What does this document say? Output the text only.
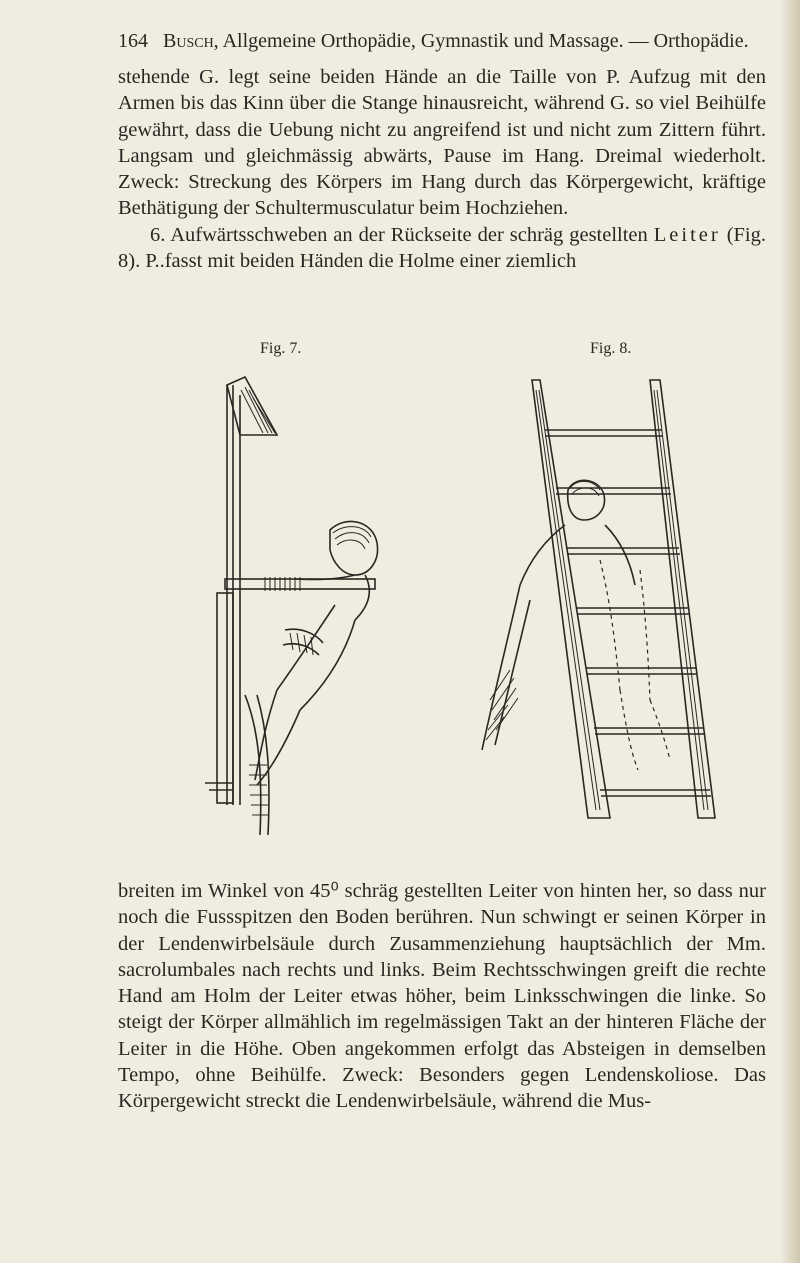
164 Busch, Allgemeine Orthopädie, Gymnastik und Massage. — Orthopädie.

stehende G. legt seine beiden Hände an die Taille von P. Aufzug mit den Armen bis das Kinn über die Stange hinausreicht, während G. so viel Beihülfe gewährt, dass die Uebung nicht zu angreifend ist und nicht zum Zittern führt. Langsam und gleichmässig abwärts, Pause im Hang. Dreimal wiederholt. Zweck: Streckung des Körpers im Hang durch das Körpergewicht, kräftige Bethätigung der Schultermusculatur beim Hochziehen.

6. Aufwärtsschweben an der Rückseite der schräg gestellten Leiter (Fig. 8). P..fasst mit beiden Händen die Holme einer ziemlich

Fig. 7.	Fig. 8.

breiten im Winkel von 45⁰ schräg gestellten Leiter von hinten her, so dass nur noch die Fussspitzen den Boden berühren. Nun schwingt er seinen Körper in der Lendenwirbelsäule durch Zusammenziehung hauptsächlich der Mm. sacrolumbales nach rechts und links. Beim Rechtsschwingen greift die rechte Hand am Holm der Leiter etwas höher, beim Linksschwingen die linke. So steigt der Körper allmählich im regelmässigen Takt an der hinteren Fläche der Leiter in die Höhe. Oben angekommen erfolgt das Absteigen in demselben Tempo, ohne Beihülfe. Zweck: Besonders gegen Lendenskoliose. Das Körpergewicht streckt die Lendenwirbelsäule, während die Mus-
